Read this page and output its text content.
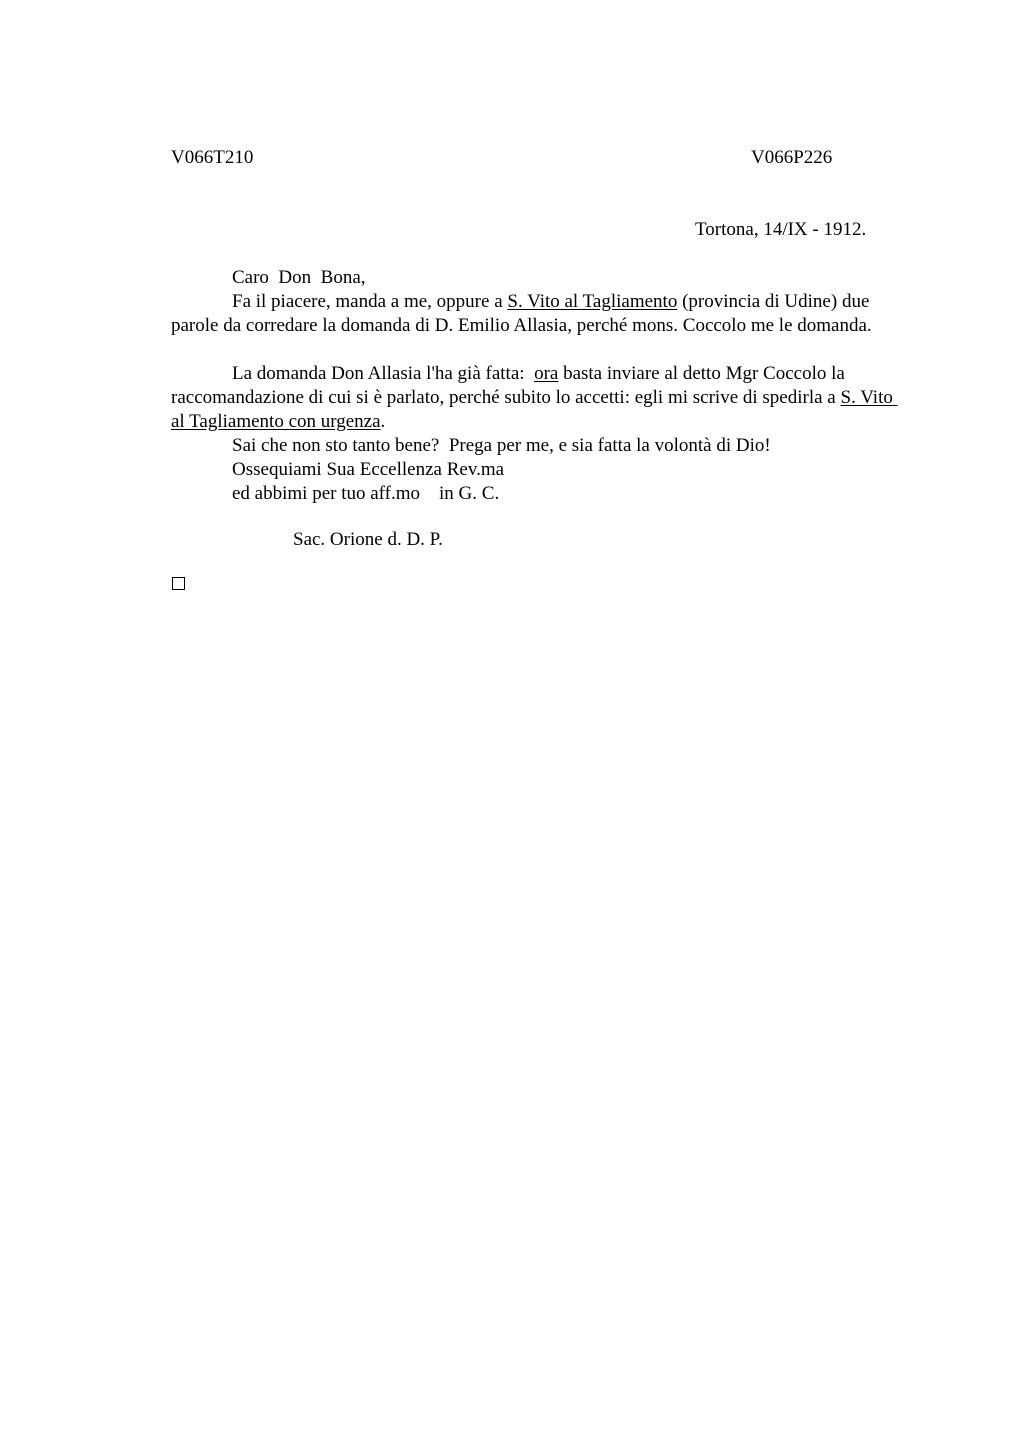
V066T210	V066P226
Tortona, 14/IX - 1912.
Caro  Don  Bona,
Fa il piacere, manda a me, oppure a S. Vito al Tagliamento (provincia di Udine) due parole da corredare la domanda di D. Emilio Allasia, perché mons. Coccolo me le domanda.
La domanda Don Allasia l'ha già fatta:  ora basta inviare al detto Mgr Coccolo la raccomandazione di cui si è parlato, perché subito lo accetti: egli mi scrive di spedirla a S. Vito al Tagliamento con urgenza.
Sai che non sto tanto bene?  Prega per me, e sia fatta la volontà di Dio!
Ossequiami Sua Eccellenza Rev.ma
ed abbimi per tuo aff.mo    in G. C.
Sac. Orione d. D. P.
